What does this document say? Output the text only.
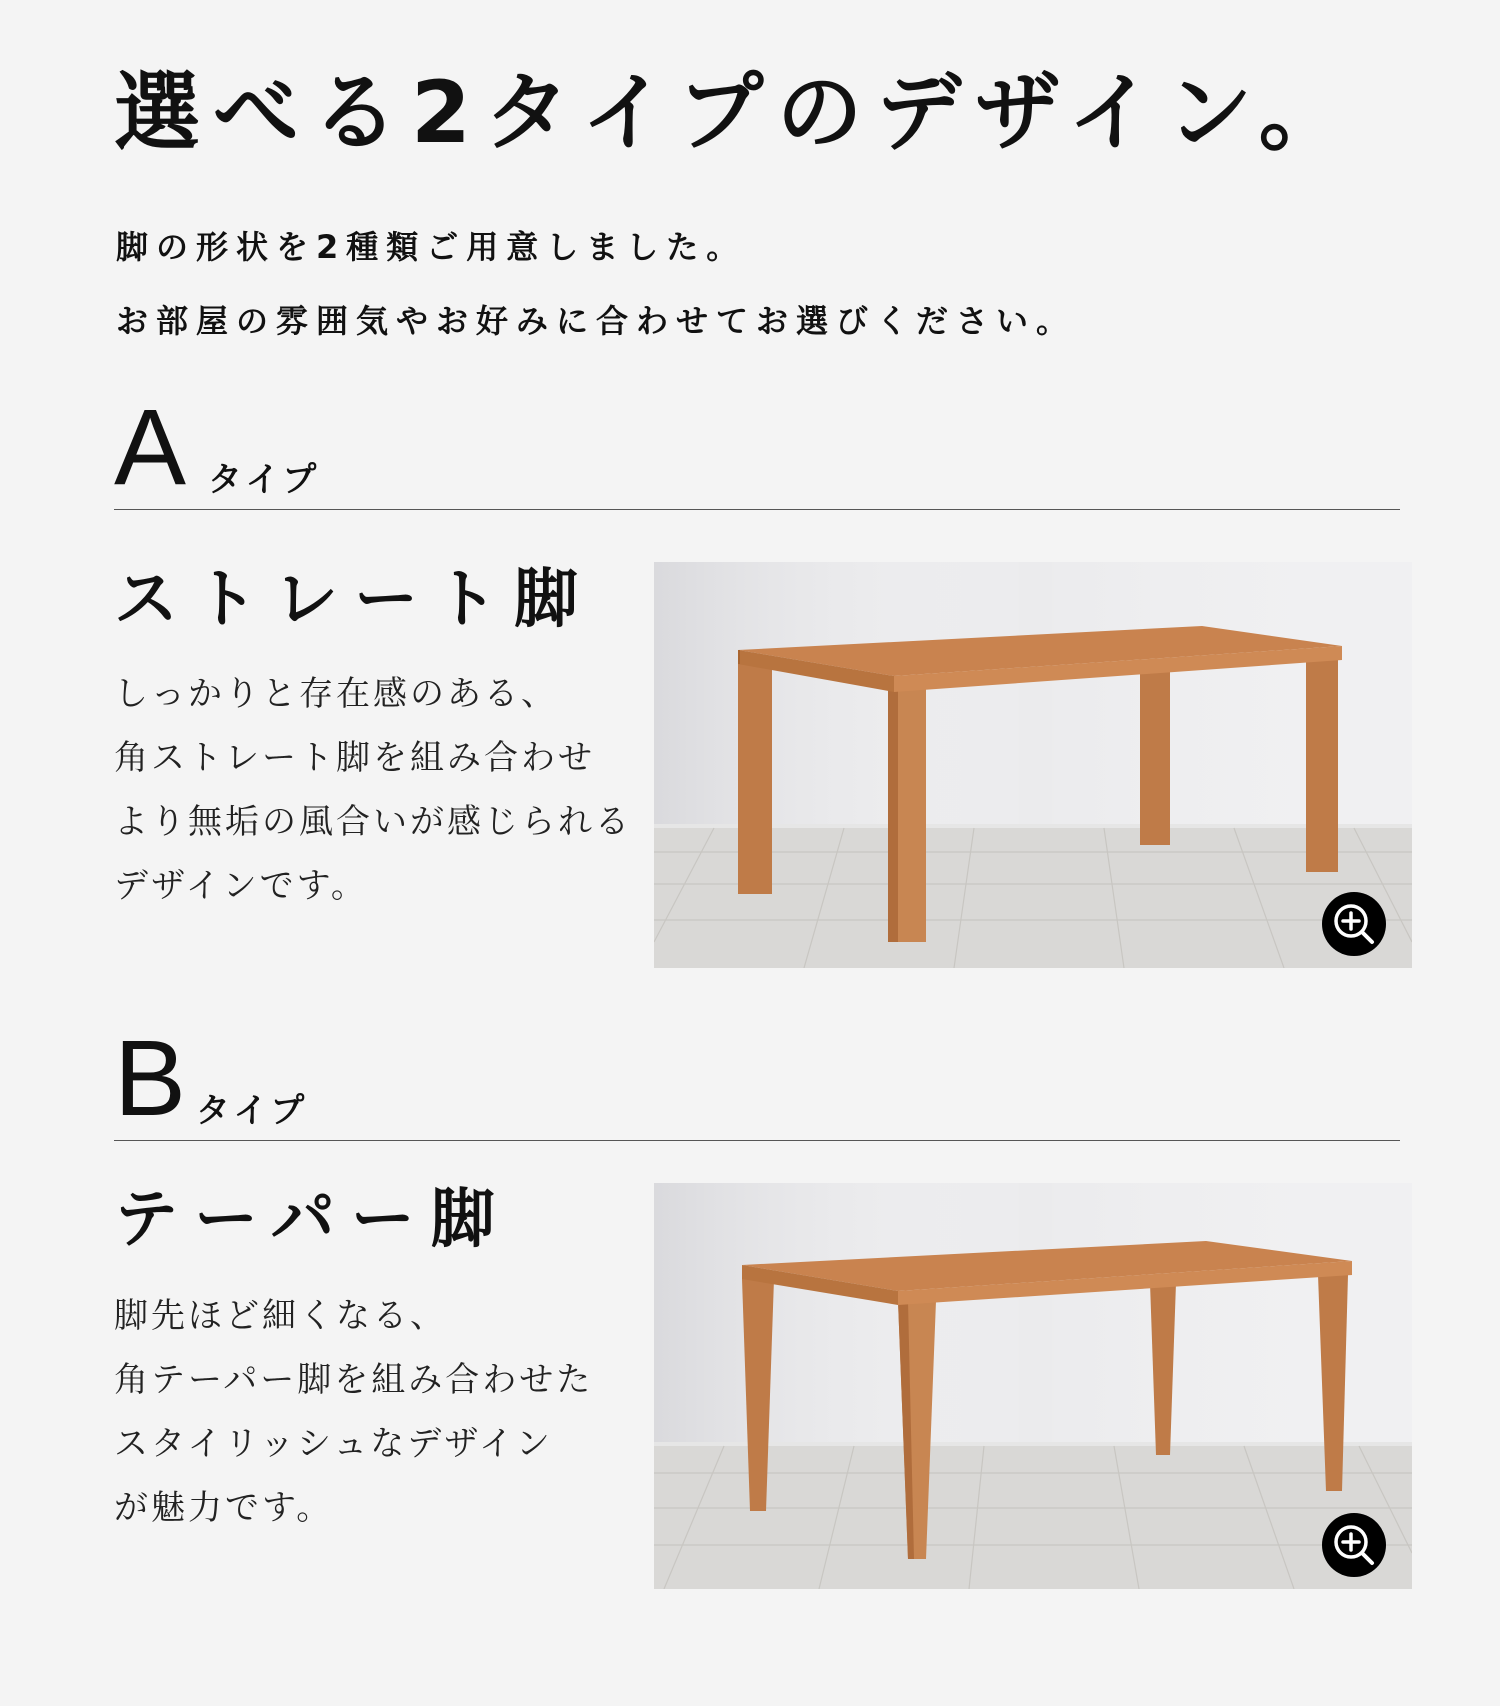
選べる2タイプのデザイン。
脚の形状を2種類ご用意しました。
お部屋の雰囲気やお好みに合わせてお選びください。
A タイプ
ストレート脚
しっかりと存在感のある、
角ストレート脚を組み合わせ
より無垢の風合いが感じられる
デザインです。
B タイプ
テーパー脚
脚先ほど細くなる、
角テーパー脚を組み合わせた
スタイリッシュなデザイン
が魅力です。
